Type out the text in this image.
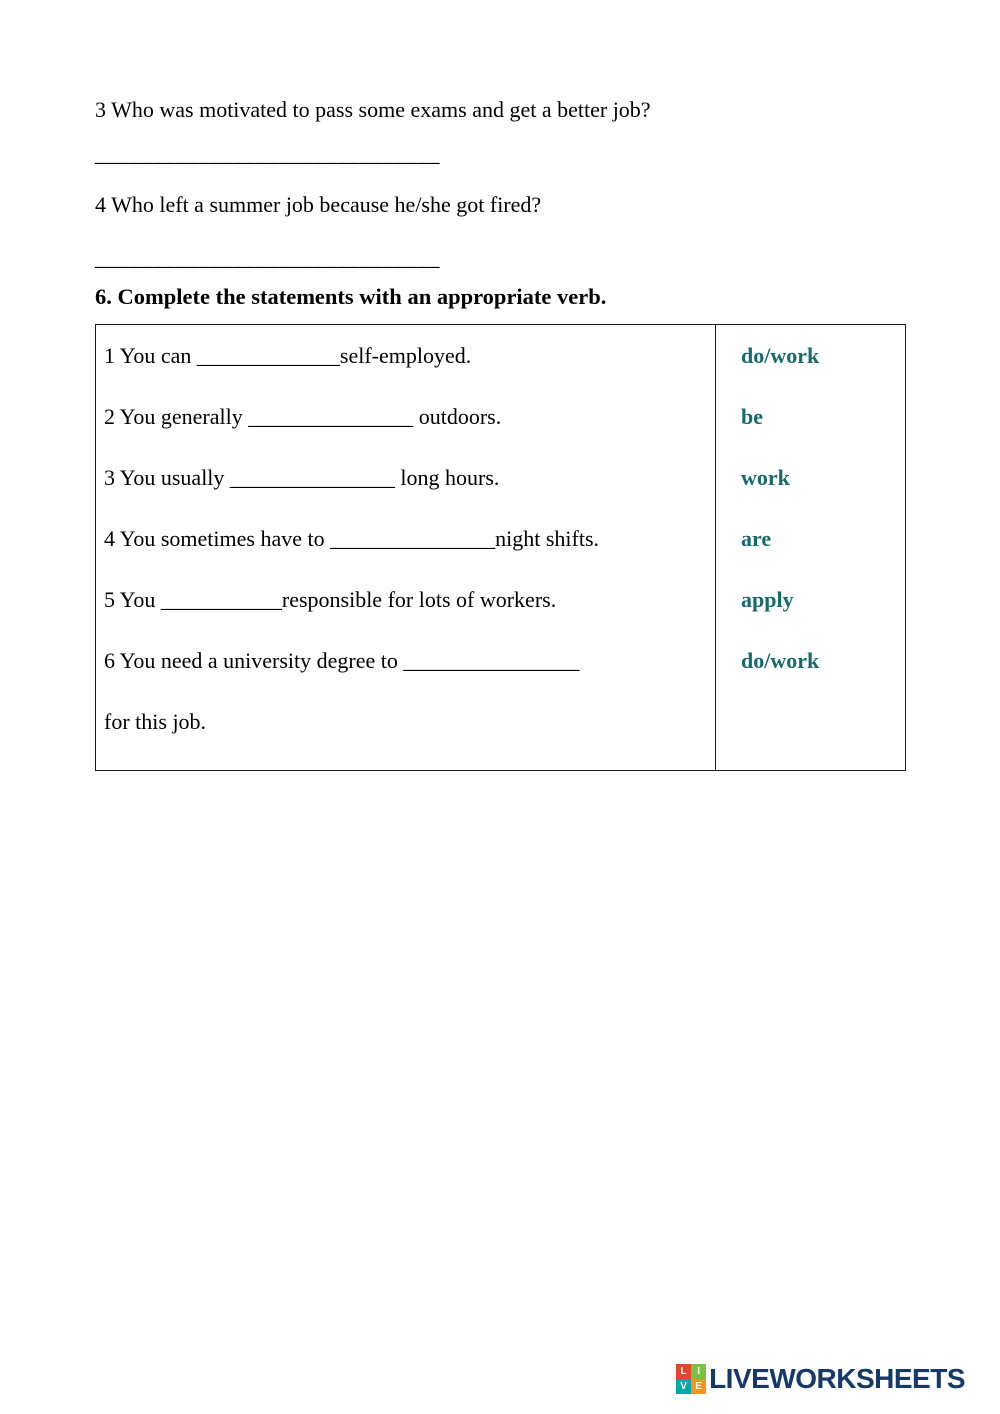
3 Who was motivated to pass some exams and get a better job?
______________________________
4 Who left a summer job because he/she got fired?
______________________________
6. Complete the statements with an appropriate verb.
1 You can _____________self-employed.
2 You generally _______________ outdoors.
3 You usually _______________ long hours.
4 You sometimes have to _______________night shifts.
5 You ___________responsible for lots of workers.
6 You need a university degree to ________________
for this job.
do/work
be
work
are
apply
do/work
L	I
V E LIVEWORKSHEETS
